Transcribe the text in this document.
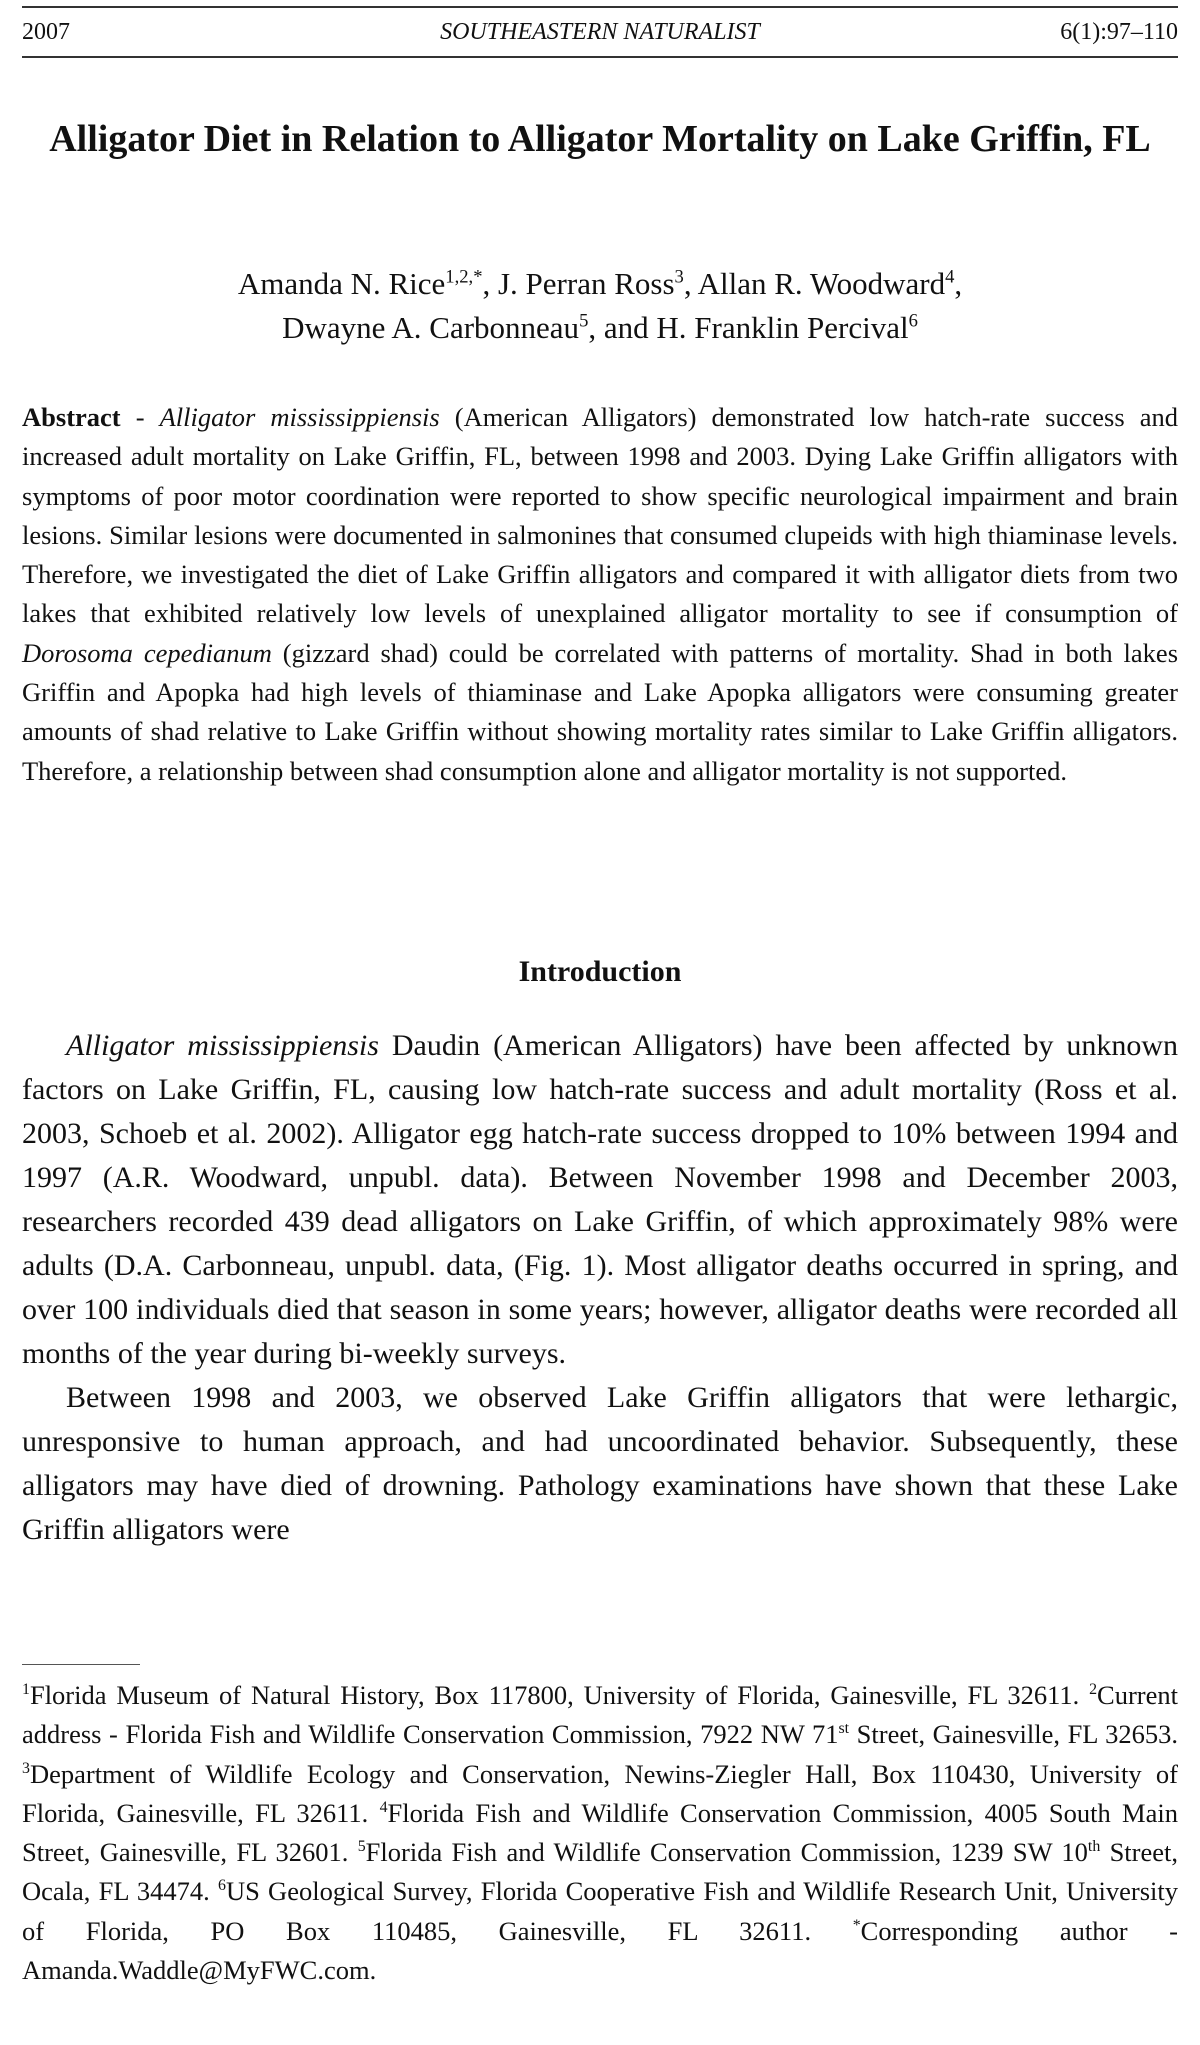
2007	SOUTHEASTERN NATURALIST	6(1):97–110
Alligator Diet in Relation to Alligator Mortality on Lake Griffin, FL
Amanda N. Rice$^{1,2,*}$, J. Perran Ross$^3$, Allan R. Woodward$^4$,
Dwayne A. Carbonneau$^5$, and H. Franklin Percival$^6$
Abstract - Alligator mississippiensis (American Alligators) demonstrated low hatch-rate success and increased adult mortality on Lake Griffin, FL, between 1998 and 2003. Dying Lake Griffin alligators with symptoms of poor motor coordination were reported to show specific neurological impairment and brain lesions. Similar lesions were documented in salmonines that consumed clupeids with high thiaminase levels. Therefore, we investigated the diet of Lake Griffin alligators and compared it with alligator diets from two lakes that exhibited relatively low levels of unexplained alligator mortality to see if consumption of Dorosoma cepedianum (gizzard shad) could be correlated with patterns of mortality. Shad in both lakes Griffin and Apopka had high levels of thiaminase and Lake Apopka alligators were consuming greater amounts of shad relative to Lake Griffin without showing mortality rates similar to Lake Griffin alligators. Therefore, a relationship between shad consumption alone and alligator mortality is not supported.
Introduction

Alligator mississippiensis Daudin (American Alligators) have been affected by unknown factors on Lake Griffin, FL, causing low hatch-rate success and adult mortality (Ross et al. 2003, Schoeb et al. 2002). Alligator egg hatch-rate success dropped to 10% between 1994 and 1997 (A.R. Woodward, unpubl. data). Between November 1998 and December 2003, researchers recorded 439 dead alligators on Lake Griffin, of which approximately 98% were adults (D.A. Carbonneau, unpubl. data, (Fig. 1). Most alligator deaths occurred in spring, and over 100 individuals died that season in some years; however, alligator deaths were recorded all months of the year during bi-weekly surveys.

Between 1998 and 2003, we observed Lake Griffin alligators that were lethargic, unresponsive to human approach, and had uncoordinated behavior. Subsequently, these alligators may have died of drowning. Pathology examinations have shown that these Lake Griffin alligators were

$^1$Florida Museum of Natural History, Box 117800, University of Florida, Gainesville, FL 32611. $^2$Current address - Florida Fish and Wildlife Conservation Commission, 7922 NW 71st Street, Gainesville, FL 32653. $^3$Department of Wildlife Ecology and Conservation, Newins-Ziegler Hall, Box 110430, University of Florida, Gainesville, FL 32611. $^4$Florida Fish and Wildlife Conservation Commission, 4005 South Main Street, Gainesville, FL 32601. $^5$Florida Fish and Wildlife Conservation Commission, 1239 SW 10th Street, Ocala, FL 34474. $^6$US Geological Survey, Florida Cooperative Fish and Wildlife Research Unit, University of Florida, PO Box 110485, Gainesville, FL 32611. *Corresponding author - Amanda.Waddle@MyFWC.com.
